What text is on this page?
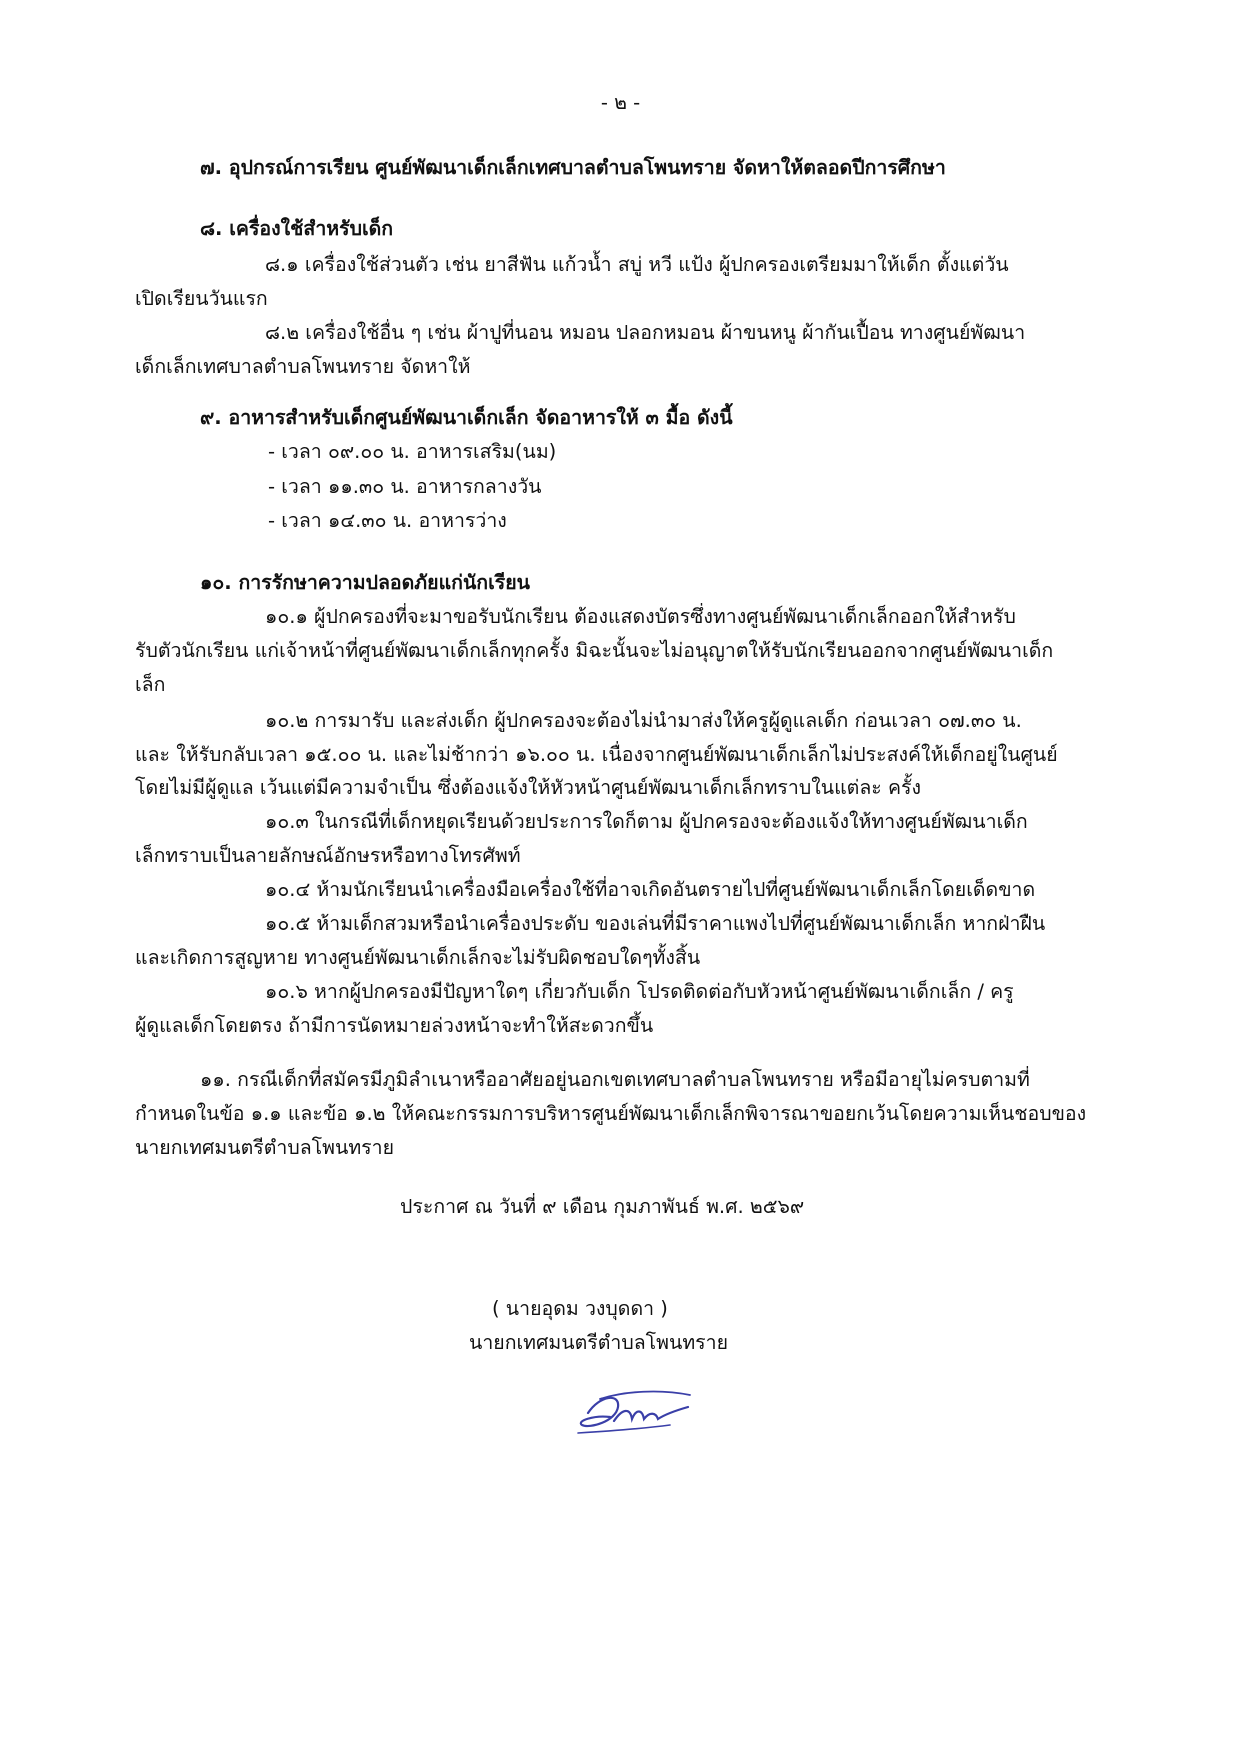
- ๒ -
๗. อุปกรณ์การเรียน ศูนย์พัฒนาเด็กเล็กเทศบาลตำบลโพนทราย จัดหาให้ตลอดปีการศึกษา
๘. เครื่องใช้สำหรับเด็ก
๘.๑ เครื่องใช้ส่วนตัว เช่น ยาสีฟัน แก้วน้ำ สบู่ หวี แป้ง ผู้ปกครองเตรียมมาให้เด็ก ตั้งแต่วัน
เปิดเรียนวันแรก
๘.๒ เครื่องใช้อื่น ๆ เช่น ผ้าปูที่นอน หมอน ปลอกหมอน ผ้าขนหนู ผ้ากันเปื้อน ทางศูนย์พัฒนา
เด็กเล็กเทศบาลตำบลโพนทราย จัดหาให้
๙. อาหารสำหรับเด็กศูนย์พัฒนาเด็กเล็ก จัดอาหารให้ ๓ มื้อ ดังนี้
- เวลา ๐๙.๐๐ น. อาหารเสริม(นม)
- เวลา ๑๑.๓๐ น. อาหารกลางวัน
- เวลา ๑๔.๓๐ น. อาหารว่าง
๑๐. การรักษาความปลอดภัยแก่นักเรียน
๑๐.๑ ผู้ปกครองที่จะมาขอรับนักเรียน ต้องแสดงบัตรซึ่งทางศูนย์พัฒนาเด็กเล็กออกให้สำหรับ
รับตัวนักเรียน แก่เจ้าหน้าที่ศูนย์พัฒนาเด็กเล็กทุกครั้ง มิฉะนั้นจะไม่อนุญาตให้รับนักเรียนออกจากศูนย์พัฒนาเด็ก
เล็ก
๑๐.๒ การมารับ และส่งเด็ก ผู้ปกครองจะต้องไม่นำมาส่งให้ครูผู้ดูแลเด็ก ก่อนเวลา ๐๗.๓๐ น.
และ ให้รับกลับเวลา ๑๕.๐๐ น. และไม่ช้ากว่า ๑๖.๐๐ น. เนื่องจากศูนย์พัฒนาเด็กเล็กไม่ประสงค์ให้เด็กอยู่ในศูนย์
โดยไม่มีผู้ดูแล เว้นแต่มีความจำเป็น ซึ่งต้องแจ้งให้หัวหน้าศูนย์พัฒนาเด็กเล็กทราบในแต่ละ ครั้ง
๑๐.๓ ในกรณีที่เด็กหยุดเรียนด้วยประการใดก็ตาม ผู้ปกครองจะต้องแจ้งให้ทางศูนย์พัฒนาเด็ก
เล็กทราบเป็นลายลักษณ์อักษรหรือทางโทรศัพท์
๑๐.๔ ห้ามนักเรียนนำเครื่องมือเครื่องใช้ที่อาจเกิดอันตรายไปที่ศูนย์พัฒนาเด็กเล็กโดยเด็ดขาด
๑๐.๕ ห้ามเด็กสวมหรือนำเครื่องประดับ ของเล่นที่มีราคาแพงไปที่ศูนย์พัฒนาเด็กเล็ก หากฝ่าฝืน
และเกิดการสูญหาย ทางศูนย์พัฒนาเด็กเล็กจะไม่รับผิดชอบใดๆทั้งสิ้น
๑๐.๖ หากผู้ปกครองมีปัญหาใดๆ เกี่ยวกับเด็ก โปรดติดต่อกับหัวหน้าศูนย์พัฒนาเด็กเล็ก / ครู
ผู้ดูแลเด็กโดยตรง ถ้ามีการนัดหมายล่วงหน้าจะทำให้สะดวกขึ้น
๑๑. กรณีเด็กที่สมัครมีภูมิลำเนาหรืออาศัยอยู่นอกเขตเทศบาลตำบลโพนทราย หรือมีอายุไม่ครบตามที่
กำหนดในข้อ ๑.๑ และข้อ ๑.๒ ให้คณะกรรมการบริหารศูนย์พัฒนาเด็กเล็กพิจารณาขอยกเว้นโดยความเห็นชอบของ
นายกเทศมนตรีตำบลโพนทราย
ประกาศ ณ วันที่ ๙ เดือน กุมภาพันธ์ พ.ศ. ๒๕๖๙
( นายอุดม วงบุดดา )
นายกเทศมนตรีตำบลโพนทราย
